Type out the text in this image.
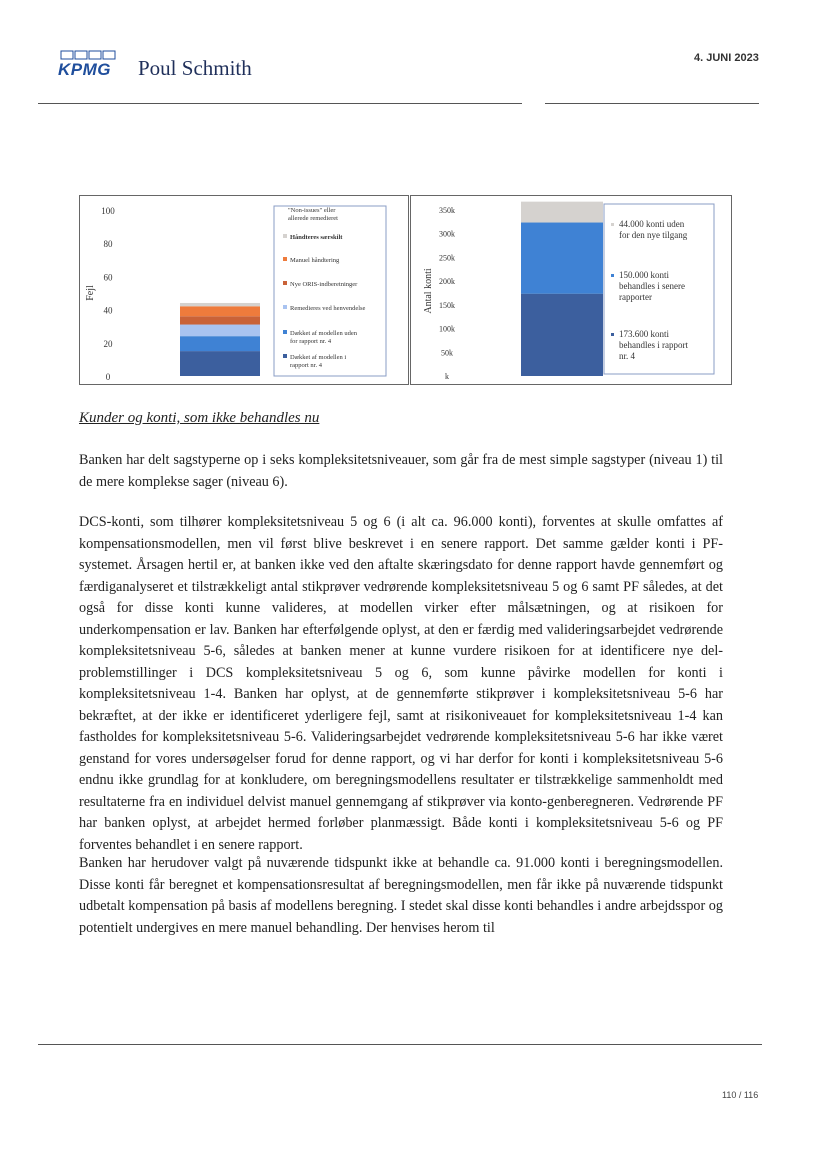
KPMG Poul Schmith	4. JUNI 2023
100
80
60
40
20
0
Fejl
"Non-issues" eller allerede remedieret
Håndteres særskilt
Manuel håndtering
Nye ORIS-indberetninger
Remedieres ved henvendelse
Dækket af modellen uden for rapport nr. 4
Dækket af modellen i rapport nr. 4
350k
300k
250k
200k
150k
100k
50k
k
Antal konti
44.000 konti uden for den nye tilgang
150.000 konti behandles i senere rapporter
173.600 konti behandles i rapport nr. 4
Kunder og konti, som ikke behandles nu
Banken har delt sagstyperne op i seks kompleksitetsniveauer, som går fra de mest simple sagstyper (niveau 1) til de mere komplekse sager (niveau 6).
DCS-konti, som tilhører kompleksitetsniveau 5 og 6 (i alt ca. 96.000 konti), forventes at skulle omfattes af kompensationsmodellen, men vil først blive beskrevet i en senere rapport. Det samme gælder konti i PF-systemet. Årsagen hertil er, at banken ikke ved den aftalte skæringsdato for denne rapport havde gennemført og færdiganalyseret et tilstrækkeligt antal stikprøver vedrørende kompleksitetsniveau 5 og 6 samt PF således, at det også for disse konti kunne valideres, at modellen virker efter målsætningen, og at risikoen for underkompensation er lav. Banken har efterfølgende oplyst, at den er færdig med valideringsarbejdet vedrørende kompleksitetsniveau 5-6, således at banken mener at kunne vurdere risikoen for at identificere nye del-problemstillinger i DCS kompleksitetsniveau 5 og 6, som kunne påvirke modellen for konti i kompleksitetsniveau 1-4. Banken har oplyst, at de gennemførte stikprøver i kompleksitetsniveau 5-6 har bekræftet, at der ikke er identificeret yderligere fejl, samt at risikoniveauet for kompleksitetsniveau 1-4 kan fastholdes for kompleksitetsniveau 5-6. Valideringsarbejdet vedrørende kompleksitetsniveau 5-6 har ikke været genstand for vores undersøgelser forud for denne rapport, og vi har derfor for konti i kompleksitetsniveau 5-6 endnu ikke grundlag for at konkludere, om beregningsmodellens resultater er tilstrækkelige sammenholdt med resultaterne fra en individuel delvist manuel gennemgang af stikprøver via konto-genberegneren. Vedrørende PF har banken oplyst, at arbejdet hermed forløber planmæssigt. Både konti i kompleksitetsniveau 5-6 og PF forventes behandlet i en senere rapport.
Banken har herudover valgt på nuværende tidspunkt ikke at behandle ca. 91.000 konti i beregningsmodellen. Disse konti får beregnet et kompensationsresultat af beregningsmodellen, men får ikke på nuværende tidspunkt udbetalt kompensation på basis af modellens beregning. I stedet skal disse konti behandles i andre arbejdsspor og potentielt undergives en mere manuel behandling. Der henvises herom til
110 / 116
